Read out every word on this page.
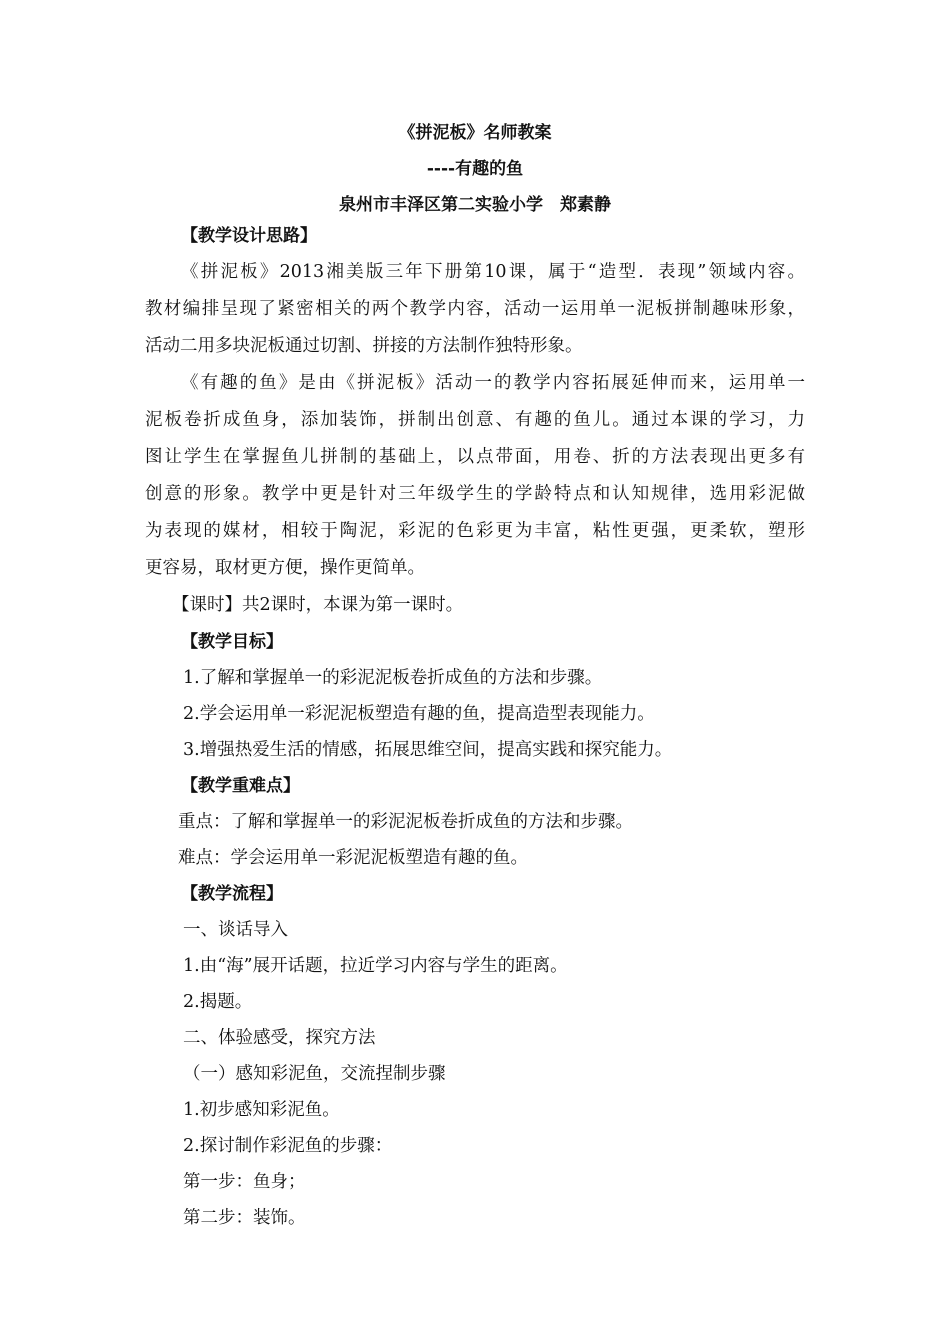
《拼泥板》名师教案
----有趣的鱼
泉州市丰泽区第二实验小学　郑素静
【教学设计思路】
《拼泥板》2013湘美版三年下册第10课，属于“造型．表现”领域内容。
教材编排呈现了紧密相关的两个教学内容，活动一运用单一泥板拼制趣味形象，
活动二用多块泥板通过切割、拼接的方法制作独特形象。
《有趣的鱼》是由《拼泥板》活动一的教学内容拓展延伸而来，运用单一
泥板卷折成鱼身，添加装饰，拼制出创意、有趣的鱼儿。通过本课的学习，力
图让学生在掌握鱼儿拼制的基础上，以点带面，用卷、折的方法表现出更多有
创意的形象。教学中更是针对三年级学生的学龄特点和认知规律，选用彩泥做
为表现的媒材，相较于陶泥，彩泥的色彩更为丰富，粘性更强，更柔软，塑形
更容易，取材更方便，操作更简单。
【课时】共2课时，本课为第一课时。
【教学目标】
1.了解和掌握单一的彩泥泥板卷折成鱼的方法和步骤。
2.学会运用单一彩泥泥板塑造有趣的鱼，提高造型表现能力。
3.增强热爱生活的情感，拓展思维空间，提高实践和探究能力。
【教学重难点】
重点：了解和掌握单一的彩泥泥板卷折成鱼的方法和步骤。
难点：学会运用单一彩泥泥板塑造有趣的鱼。
【教学流程】
一、谈话导入
1.由“海”展开话题，拉近学习内容与学生的距离。
2.揭题。
二、体验感受，探究方法
（一）感知彩泥鱼，交流捏制步骤
1.初步感知彩泥鱼。
2.探讨制作彩泥鱼的步骤：
第一步：鱼身；
第二步：装饰。
